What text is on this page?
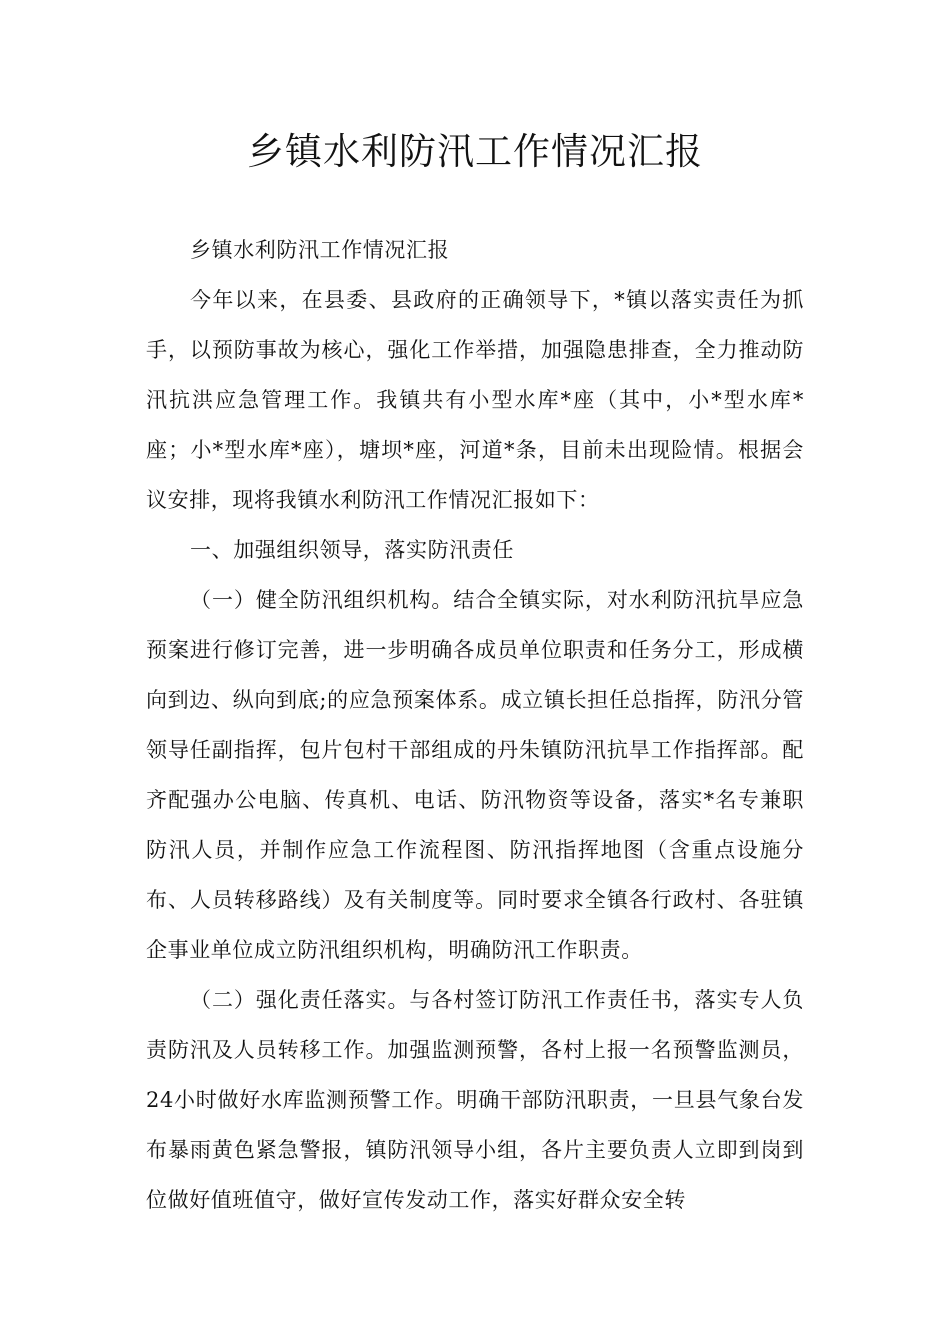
乡镇水利防汛工作情况汇报

乡镇水利防汛工作情况汇报

今年以来，在县委、县政府的正确领导下，*镇以落实责任为抓手，以预防事故为核心，强化工作举措，加强隐患排查，全力推动防汛抗洪应急管理工作。我镇共有小型水库*座（其中，小*型水库*座；小*型水库*座），塘坝*座，河道*条，目前未出现险情。根据会议安排，现将我镇水利防汛工作情况汇报如下：

一、加强组织领导，落实防汛责任

（一）健全防汛组织机构。结合全镇实际，对水利防汛抗旱应急预案进行修订完善，进一步明确各成员单位职责和任务分工，形成横向到边、纵向到底;的应急预案体系。成立镇长担任总指挥，防汛分管领导任副指挥，包片包村干部组成的丹朱镇防汛抗旱工作指挥部。配齐配强办公电脑、传真机、电话、防汛物资等设备，落实*名专兼职防汛人员，并制作应急工作流程图、防汛指挥地图（含重点设施分布、人员转移路线）及有关制度等。同时要求全镇各行政村、各驻镇企事业单位成立防汛组织机构，明确防汛工作职责。

（二）强化责任落实。与各村签订防汛工作责任书，落实专人负责防汛及人员转移工作。加强监测预警，各村上报一名预警监测员，24小时做好水库监测预警工作。明确干部防汛职责，一旦县气象台发布暴雨黄色紧急警报，镇防汛领导小组，各片主要负责人立即到岗到位做好值班值守，做好宣传发动工作，落实好群众安全转
